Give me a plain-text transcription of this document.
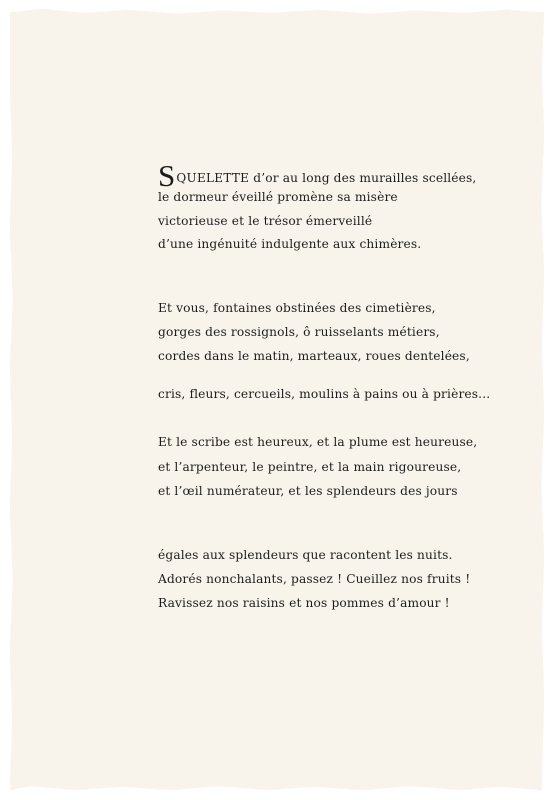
SQUELETTE d’or au long des murailles scellées,
le dormeur éveillé promène sa misère
victorieuse et le trésor émerveillé
d’une ingénuité indulgente aux chimères.
Et vous, fontaines obstinées des cimetières,
gorges des rossignols, ô ruisselants métiers,
cordes dans le matin, marteaux, roues dentelées,
cris, fleurs, cercueils, moulins à pains ou à prières...
Et le scribe est heureux, et la plume est heureuse,
et l’arpenteur, le peintre, et la main rigoureuse,
et l’œil numérateur, et les splendeurs des jours
égales aux splendeurs que racontent les nuits.
Adorés nonchalants, passez ! Cueillez nos fruits !
Ravissez nos raisins et nos pommes d’amour !
